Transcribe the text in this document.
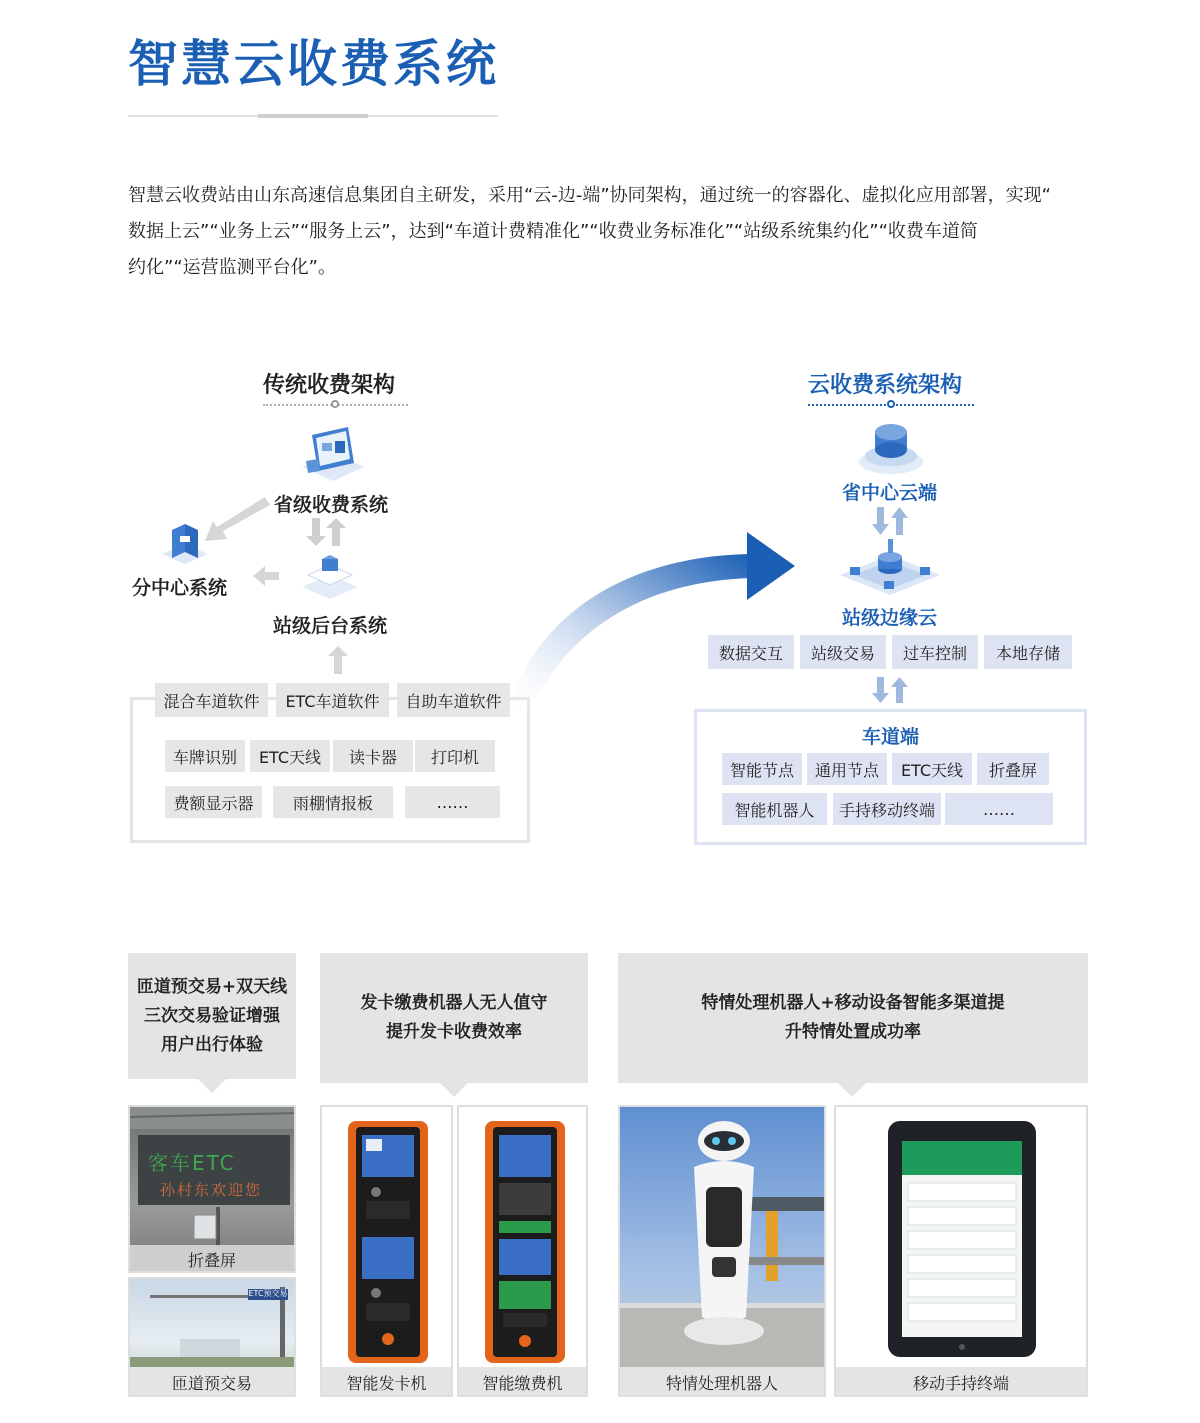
智慧云收费系统
智慧云收费站由山东高速信息集团自主研发，采用“云-边-端”协同架构，通过统一的容器化、虚拟化应用部署，实现“
数据上云”“业务上云”“服务上云”，达到“车道计费精准化”“收费业务标准化”“站级系统集约化”“收费车道简
约化”“运营监测平台化”。
传统收费架构
省级收费系统
分中心系统
站级后台系统
混合车道软件	ETC车道软件	自助车道软件
车牌识别	ETC天线	读卡器	打印机
费额显示器	雨棚情报板	……
云收费系统架构
省中心云端
站级边缘云
数据交互	站级交易	过车控制	本地存储
车道端
智能节点	通用节点	ETC天线	折叠屏
智能机器人	手持移动终端	……
匝道预交易+双天线
三次交易验证增强
用户出行体验
发卡缴费机器人无人值守
提升发卡收费效率
特情处理机器人+移动设备智能多渠道提
升特情处置成功率
客车ETC
孙村东欢迎您
折叠屏
ETC预交易
匝道预交易	智能发卡机	智能缴费机	特情处理机器人	移动手持终端
